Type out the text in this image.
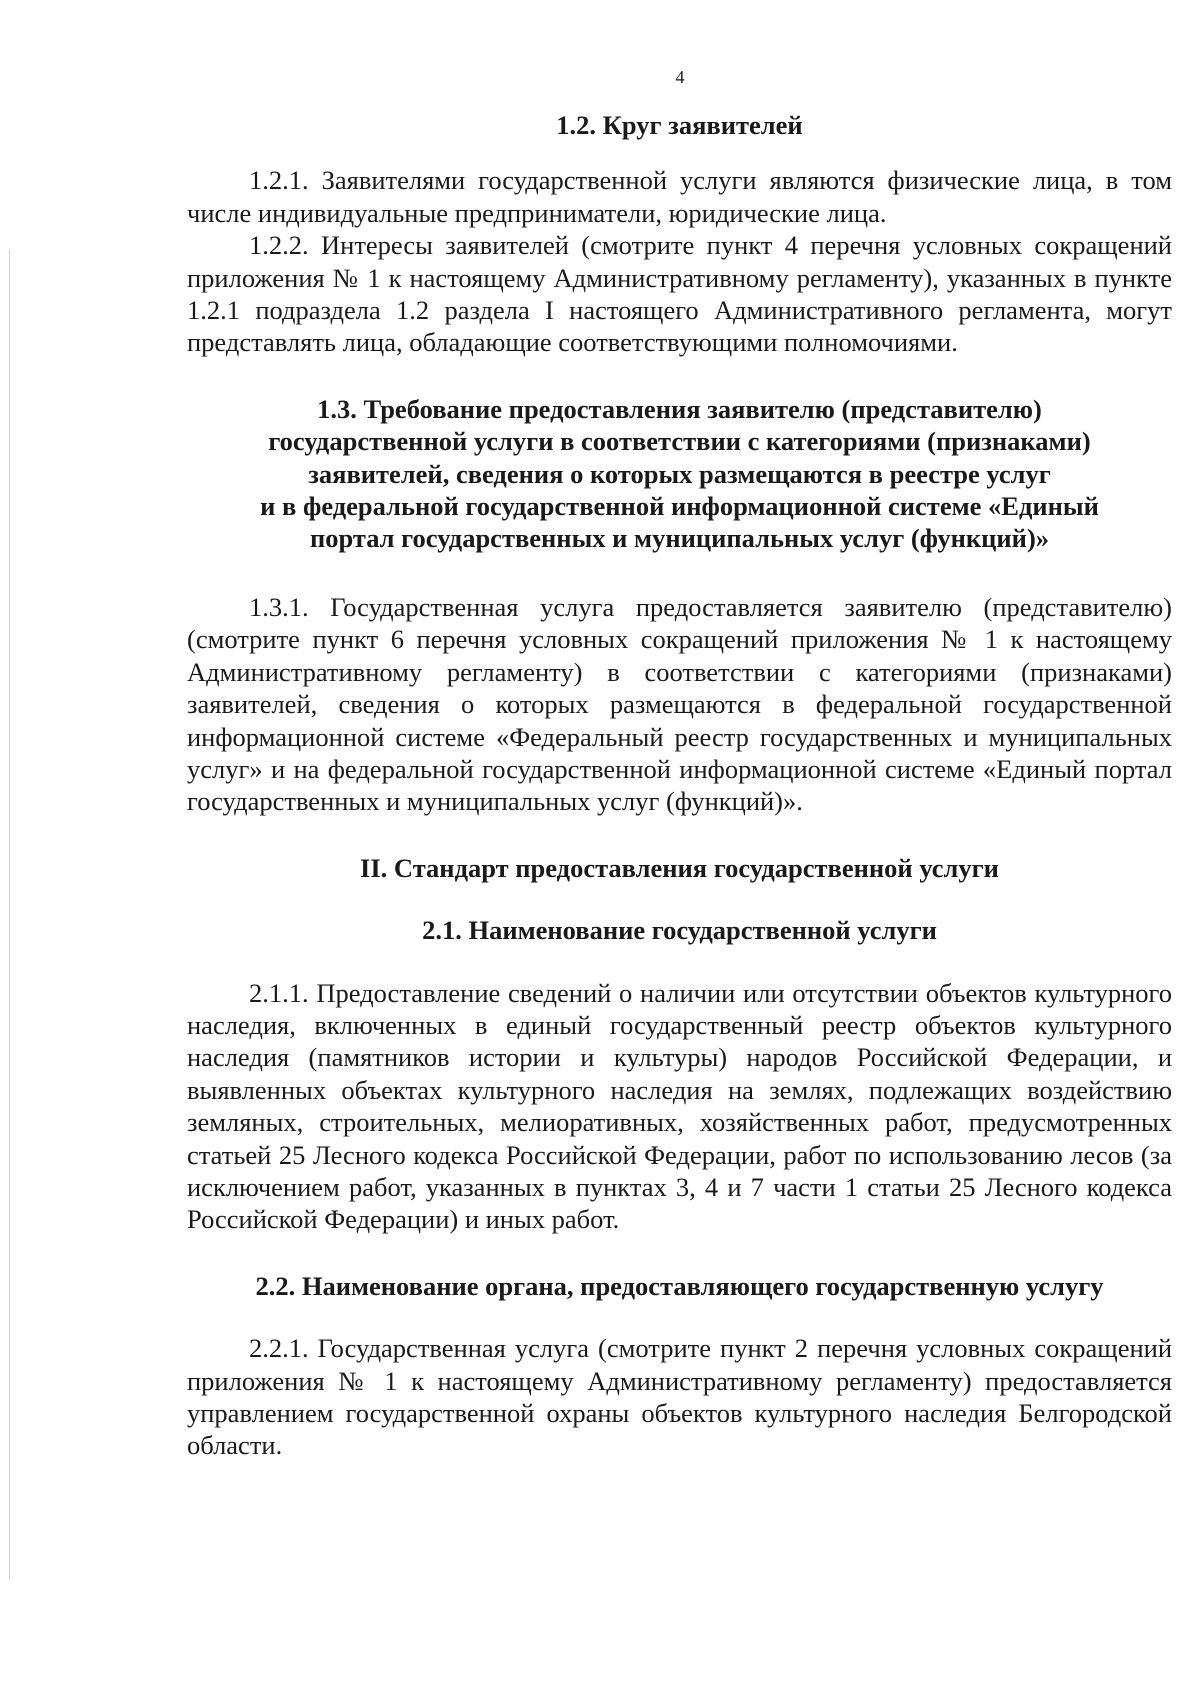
4

1.2. Круг заявителей

1.2.1. Заявителями государственной услуги являются физические лица, в том числе индивидуальные предприниматели, юридические лица.

1.2.2. Интересы заявителей (смотрите пункт 4 перечня условных сокращений приложения № 1 к настоящему Административному регламенту), указанных в пункте 1.2.1 подраздела 1.2 раздела I настоящего Административного регламента, могут представлять лица, обладающие соответствующими полномочиями.

1.3. Требование предоставления заявителю (представителю)
государственной услуги в соответствии с категориями (признаками)
заявителей, сведения о которых размещаются в реестре услуг
и в федеральной государственной информационной системе «Единый
портал государственных и муниципальных услуг (функций)»

1.3.1. Государственная услуга предоставляется заявителю (представителю) (смотрите пункт 6 перечня условных сокращений приложения № 1 к настоящему Административному регламенту) в соответствии с категориями (признаками) заявителей, сведения о которых размещаются в федеральной государственной информационной системе «Федеральный реестр государственных и муниципальных услуг» и на федеральной государственной информационной системе «Единый портал государственных и муниципальных услуг (функций)».

II. Стандарт предоставления государственной услуги

2.1. Наименование государственной услуги

2.1.1. Предоставление сведений о наличии или отсутствии объектов культурного наследия, включенных в единый государственный реестр объектов культурного наследия (памятников истории и культуры) народов Российской Федерации, и выявленных объектах культурного наследия на землях, подлежащих воздействию земляных, строительных, мелиоративных, хозяйственных работ, предусмотренных статьей 25 Лесного кодекса Российской Федерации, работ по использованию лесов (за исключением работ, указанных в пунктах 3, 4 и 7 части 1 статьи 25 Лесного кодекса Российской Федерации) и иных работ.

2.2. Наименование органа, предоставляющего государственную услугу

2.2.1. Государственная услуга (смотрите пункт 2 перечня условных сокращений приложения № 1 к настоящему Административному регламенту) предоставляется управлением государственной охраны объектов культурного наследия Белгородской области.
